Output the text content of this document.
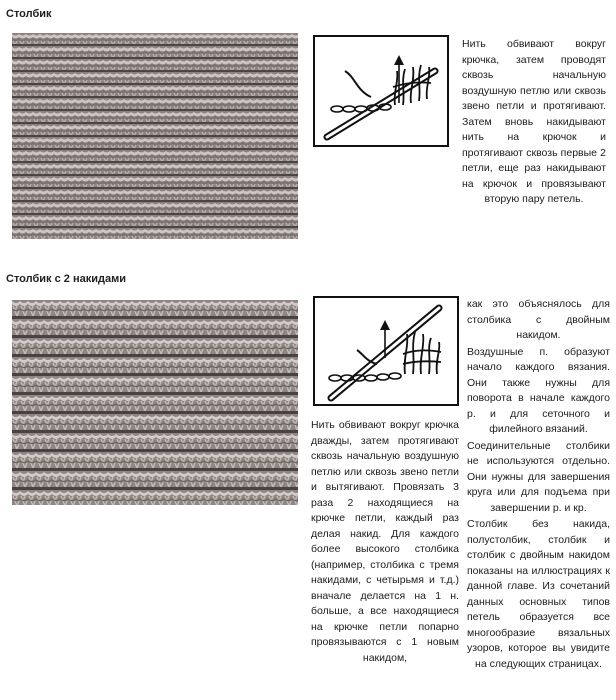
Столбик

Нить обвивают вокруг крючка, затем проводят сквозь начальную воздушную петлю или сквозь звено петли и протягивают. Затем вновь накидывают нить на крючок и протягивают сквозь первые 2 петли, еще раз накидывают на крючок и провязывают вторую пару петель.

Столбик с 2 накидами

Нить обвивают вокруг крючка дважды, затем протягивают сквозь начальную воздушную петлю или сквозь звено петли и вытягивают. Провязать 3 раза 2 находящиеся на крючке петли, каждый раз делая накид. Для каждого более высокого столбика (например, столбика с тремя накидами, с четырьмя и т.д.) вначале делается на 1 н. больше, а все находящиеся на крючке петли попарно провязываются с 1 новым накидом,

как это объяснялось для столбика с двойным накидом.
Воздушные п. образуют начало каждого вязания. Они также нужны для поворота в начале каждого р. и для сеточного и филейного вязаний.
Соединительные столбики не используются отдельно. Они нужны для завершения круга или для подъема при завершении р. и кр.
Столбик без накида, полустолбик, столбик и столбик с двойным накидом показаны на иллюстрациях к данной главе. Из сочетаний данных основных типов петель образуется все многообразие вязальных узоров, которое вы увидите на следующих страницах.
